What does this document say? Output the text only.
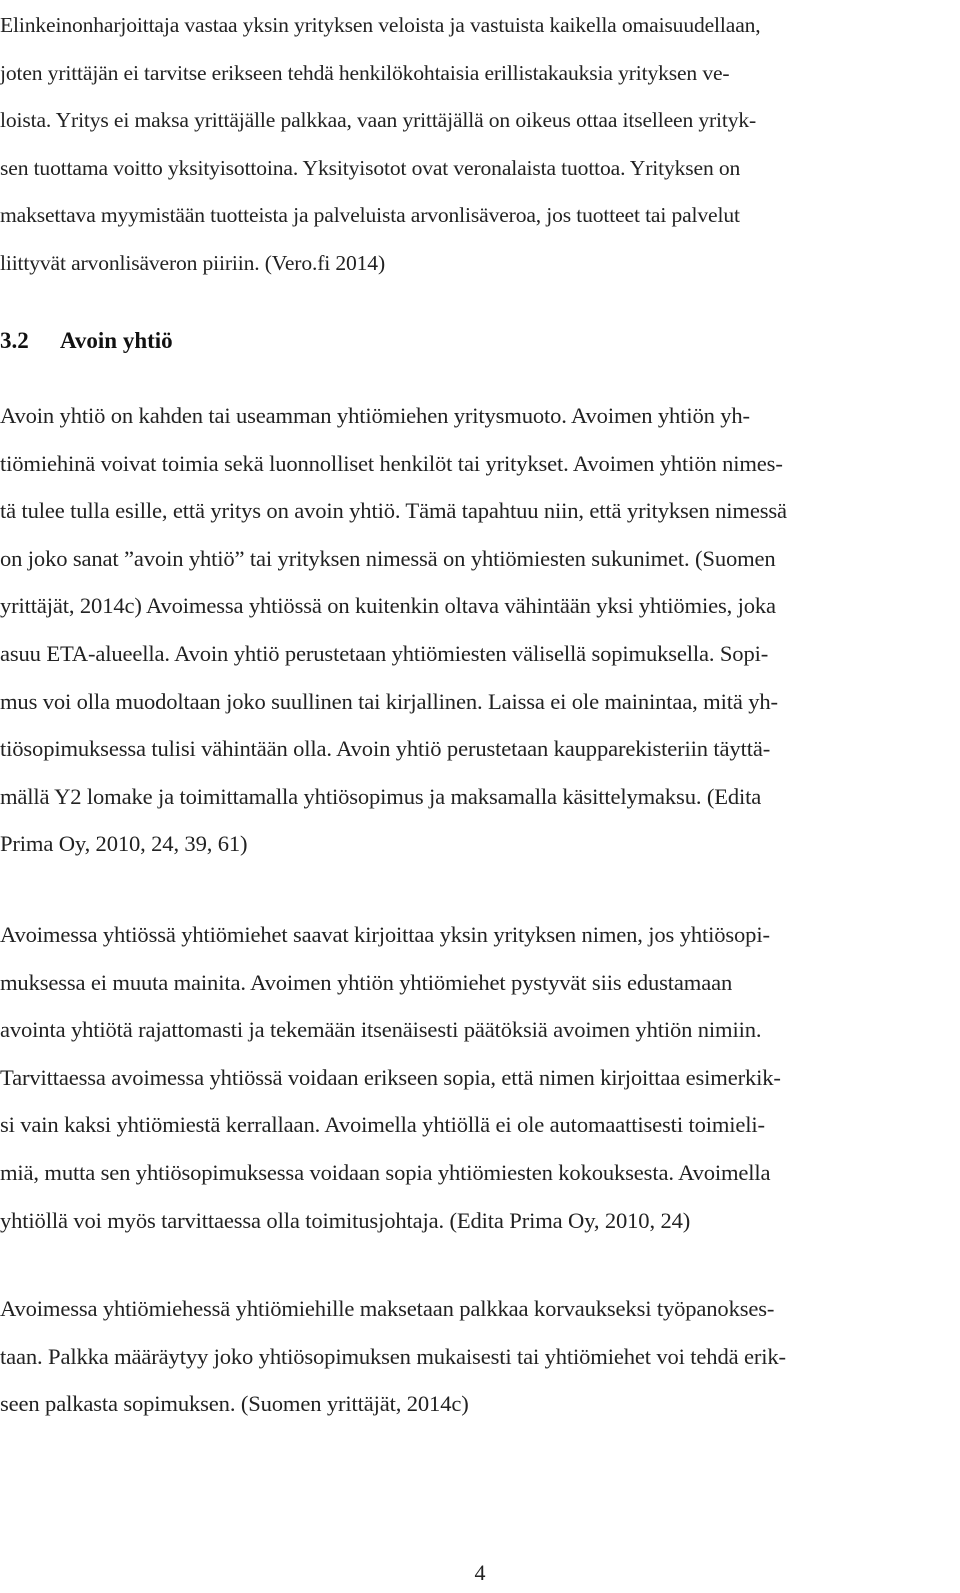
Elinkeinonharjoittaja vastaa yksin yrityksen veloista ja vastuista kaikella omaisuudellaan,
joten yrittäjän ei tarvitse erikseen tehdä henkilökohtaisia erillistakauksia yrityksen ve-
loista. Yritys ei maksa yrittäjälle palkkaa, vaan yrittäjällä on oikeus ottaa itselleen yrityk-
sen tuottama voitto yksityisottoina. Yksityisotot ovat veronalaista tuottoa. Yrityksen on
maksettava myymistään tuotteista ja palveluista arvonlisäveroa, jos tuotteet tai palvelut
liittyvät arvonlisäveron piiriin. (Vero.fi 2014)
3.2 Avoin yhtiö
Avoin yhtiö on kahden tai useamman yhtiömiehen yritysmuoto. Avoimen yhtiön yh-
tiömiehinä voivat toimia sekä luonnolliset henkilöt tai yritykset. Avoimen yhtiön nimes-
tä tulee tulla esille, että yritys on avoin yhtiö. Tämä tapahtuu niin, että yrityksen nimessä
on joko sanat ”avoin yhtiö” tai yrityksen nimessä on yhtiömiesten sukunimet. (Suomen
yrittäjät, 2014c) Avoimessa yhtiössä on kuitenkin oltava vähintään yksi yhtiömies, joka
asuu ETA-alueella. Avoin yhtiö perustetaan yhtiömiesten välisellä sopimuksella. Sopi-
mus voi olla muodoltaan joko suullinen tai kirjallinen. Laissa ei ole mainintaa, mitä yh-
tiösopimuksessa tulisi vähintään olla. Avoin yhtiö perustetaan kaupparekisteriin täyttä-
mällä Y2 lomake ja toimittamalla yhtiösopimus ja maksamalla käsittelymaksu. (Edita
Prima Oy, 2010, 24, 39, 61)
Avoimessa yhtiössä yhtiömiehet saavat kirjoittaa yksin yrityksen nimen, jos yhtiösopi-
muksessa ei muuta mainita. Avoimen yhtiön yhtiömiehet pystyvät siis edustamaan
avointa yhtiötä rajattomasti ja tekemään itsenäisesti päätöksiä avoimen yhtiön nimiin.
Tarvittaessa avoimessa yhtiössä voidaan erikseen sopia, että nimen kirjoittaa esimerkik-
si vain kaksi yhtiömiestä kerrallaan. Avoimella yhtiöllä ei ole automaattisesti toimieli-
miä, mutta sen yhtiösopimuksessa voidaan sopia yhtiömiesten kokouksesta. Avoimella
yhtiöllä voi myös tarvittaessa olla toimitusjohtaja. (Edita Prima Oy, 2010, 24)
Avoimessa yhtiömiehessä yhtiömiehille maksetaan palkkaa korvaukseksi työpanokses-
taan. Palkka määräytyy joko yhtiösopimuksen mukaisesti tai yhtiömiehet voi tehdä erik-
seen palkasta sopimuksen. (Suomen yrittäjät, 2014c)
4
